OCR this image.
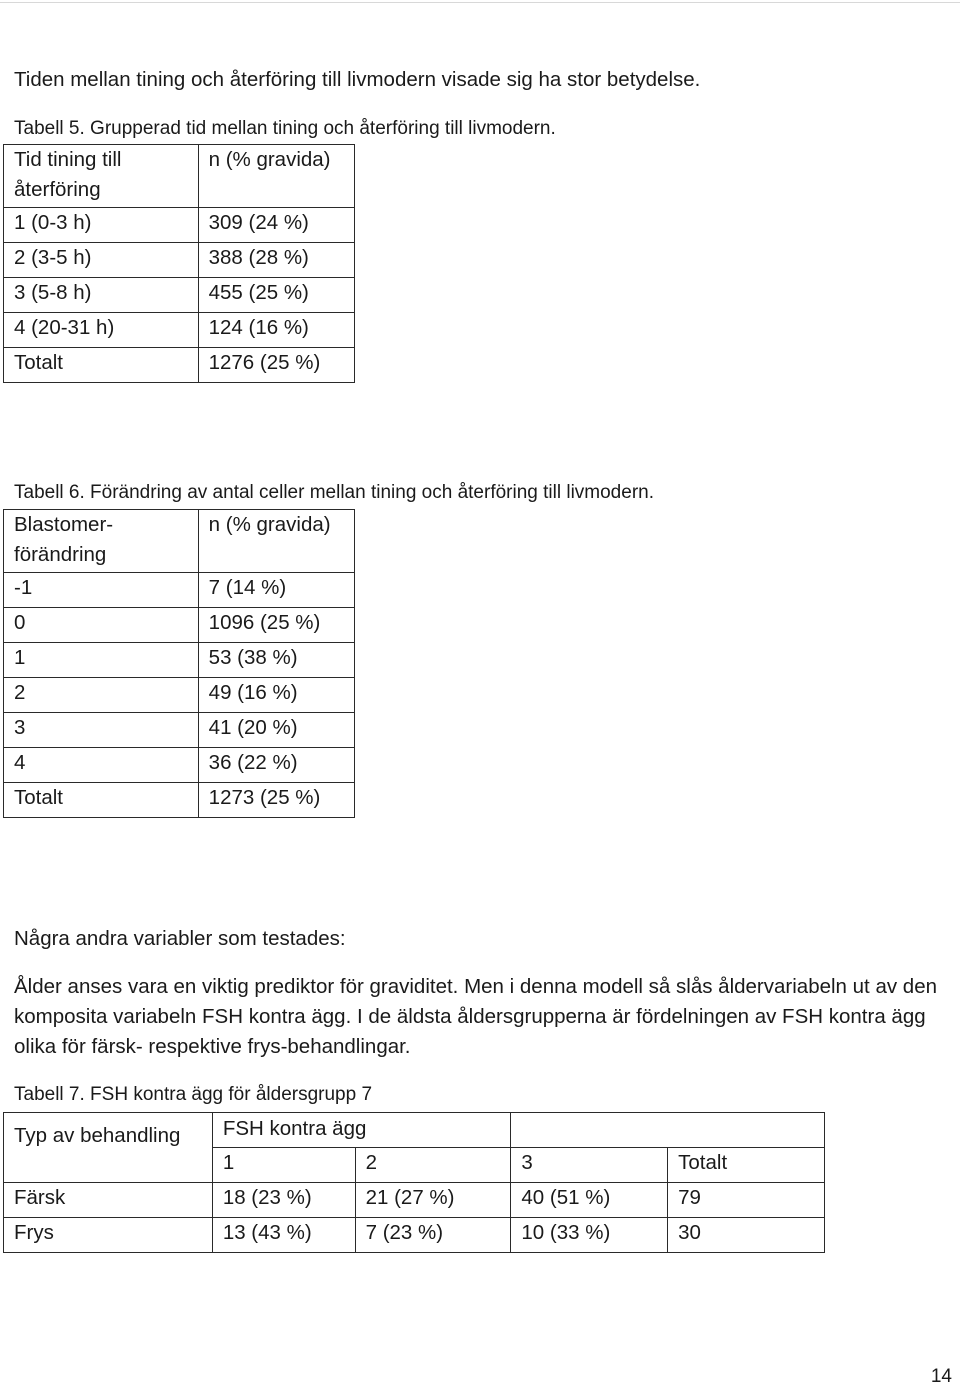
Tiden mellan tining och återföring till livmodern visade sig ha stor betydelse.

Tabell 5. Grupperad tid mellan tining och återföring till livmodern.

Tid tining till återföring	n (% gravida)
1 (0-3 h)	309 (24 %)
2 (3-5 h)	388 (28 %)
3 (5-8 h)	455 (25 %)
4 (20-31 h)	124 (16 %)
Totalt	1276 (25 %)

Tabell 6. Förändring av antal celler mellan tining och återföring till livmodern.

Blastomer-förändring	n (% gravida)
-1	7 (14 %)
0	1096 (25 %)
1	53 (38 %)
2	49 (16 %)
3	41 (20 %)
4	36 (22 %)
Totalt	1273 (25 %)

Några andra variabler som testades:

Ålder anses vara en viktig prediktor för graviditet. Men i denna modell så slås åldervariabeln ut av den komposita variabeln FSH kontra ägg. I de äldsta åldersgrupperna är fördelningen av FSH kontra ägg olika för färsk- respektive frys-behandlingar.

Tabell 7. FSH kontra ägg för åldersgrupp 7

Typ av behandling	FSH kontra ägg			
	1	2	3	Totalt
Färsk	18 (23 %)	21 (27 %)	40 (51 %)	79
Frys	13 (43 %)	7 (23 %)	10 (33 %)	30
14
